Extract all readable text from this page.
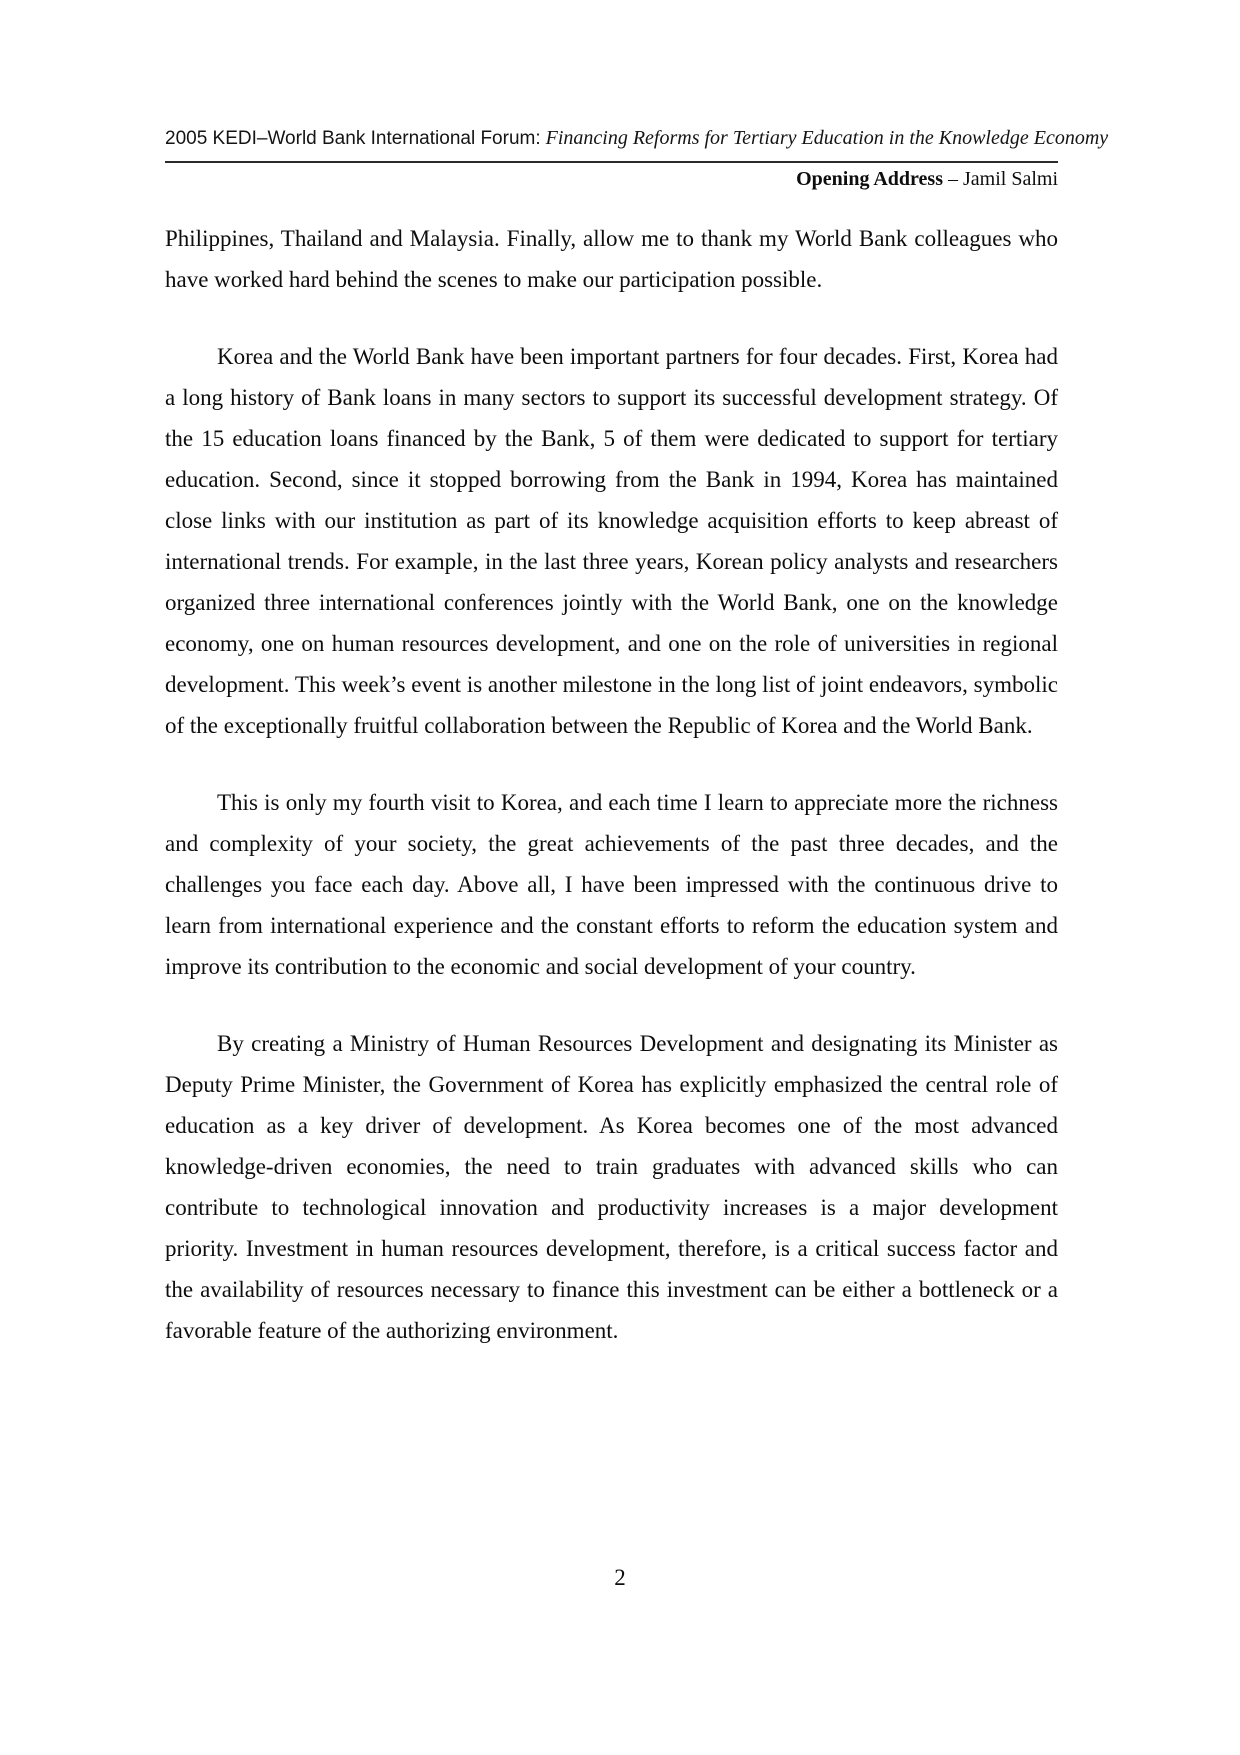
2005 KEDI–World Bank International Forum: Financing Reforms for Tertiary Education in the Knowledge Economy
Opening Address – Jamil Salmi

Philippines, Thailand and Malaysia. Finally, allow me to thank my World Bank colleagues who have worked hard behind the scenes to make our participation possible.

Korea and the World Bank have been important partners for four decades. First, Korea had a long history of Bank loans in many sectors to support its successful development strategy. Of the 15 education loans financed by the Bank, 5 of them were dedicated to support for tertiary education. Second, since it stopped borrowing from the Bank in 1994, Korea has maintained close links with our institution as part of its knowledge acquisition efforts to keep abreast of international trends. For example, in the last three years, Korean policy analysts and researchers organized three international conferences jointly with the World Bank, one on the knowledge economy, one on human resources development, and one on the role of universities in regional development. This week’s event is another milestone in the long list of joint endeavors, symbolic of the exceptionally fruitful collaboration between the Republic of Korea and the World Bank.

This is only my fourth visit to Korea, and each time I learn to appreciate more the richness and complexity of your society, the great achievements of the past three decades, and the challenges you face each day. Above all, I have been impressed with the continuous drive to learn from international experience and the constant efforts to reform the education system and improve its contribution to the economic and social development of your country.

By creating a Ministry of Human Resources Development and designating its Minister as Deputy Prime Minister, the Government of Korea has explicitly emphasized the central role of education as a key driver of development. As Korea becomes one of the most advanced knowledge-driven economies, the need to train graduates with advanced skills who can contribute to technological innovation and productivity increases is a major development priority. Investment in human resources development, therefore, is a critical success factor and the availability of resources necessary to finance this investment can be either a bottleneck or a favorable feature of the authorizing environment.

2
